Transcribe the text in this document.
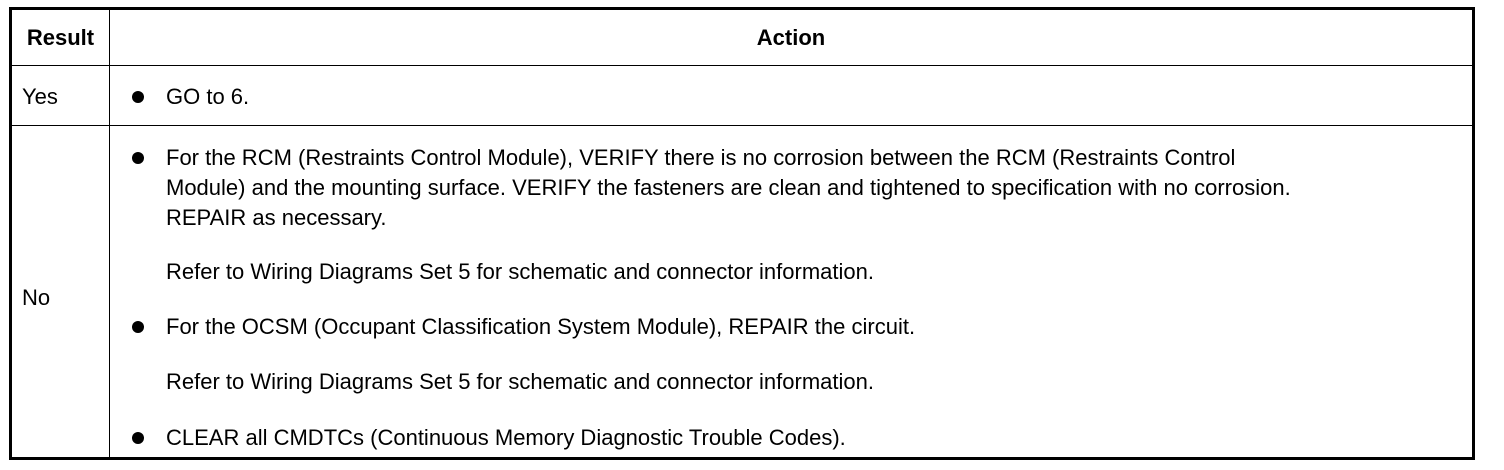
Result	Action
Yes	GO to 6.
No
For the RCM (Restraints Control Module), VERIFY there is no corrosion between the RCM (Restraints Control
Module) and the mounting surface. VERIFY the fasteners are clean and tightened to specification with no corrosion.
REPAIR as necessary.
Refer to Wiring Diagrams Set 5 for schematic and connector information.
For the OCSM (Occupant Classification System Module), REPAIR the circuit.
Refer to Wiring Diagrams Set 5 for schematic and connector information.
CLEAR all CMDTCs (Continuous Memory Diagnostic Trouble Codes).
